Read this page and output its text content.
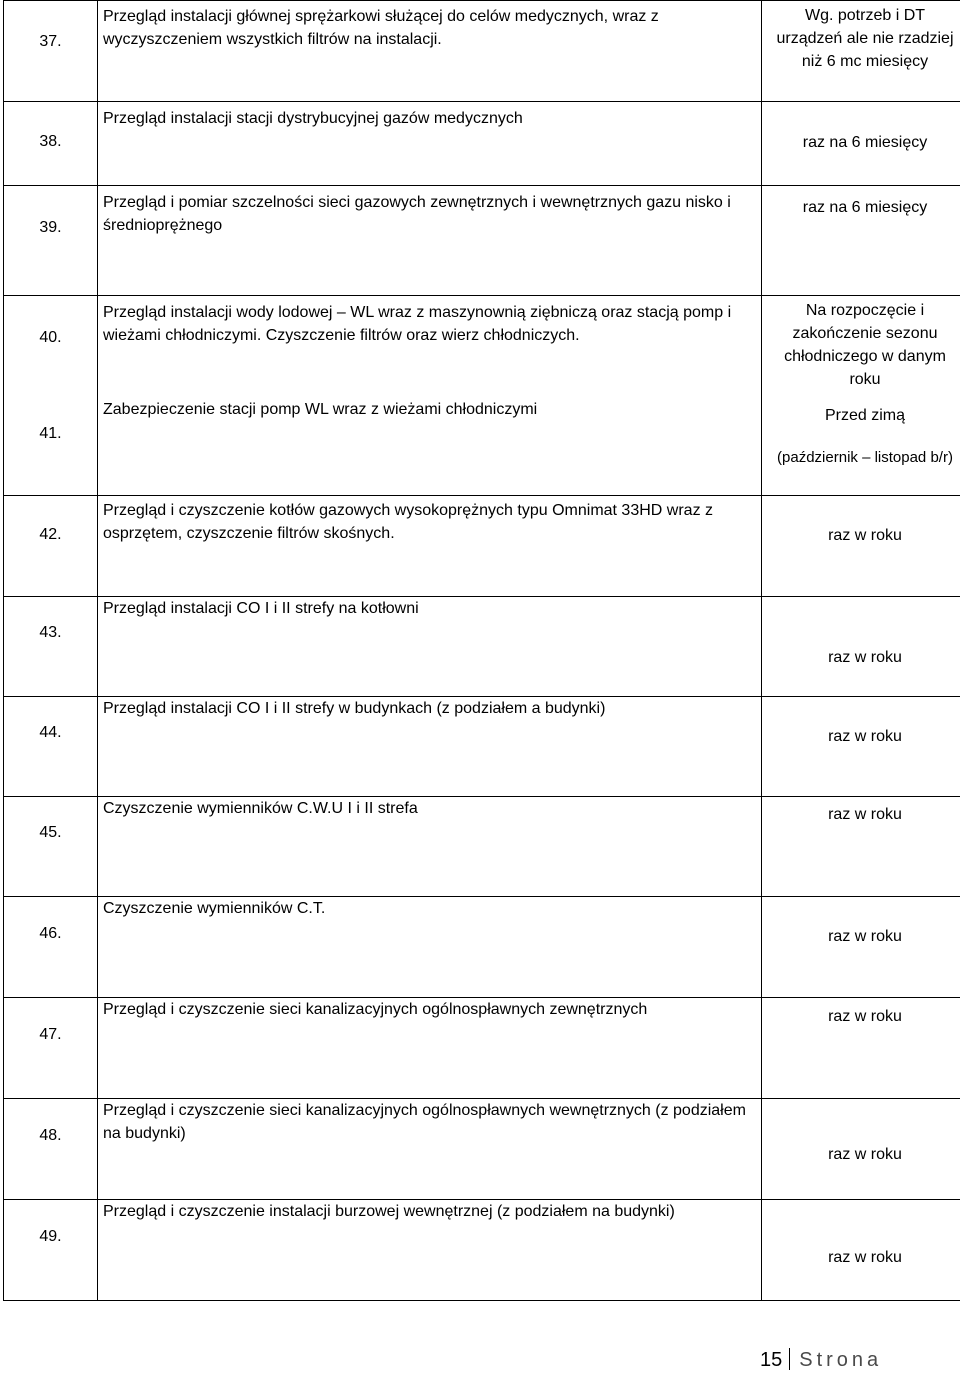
37.	Przegląd instalacji głównej sprężarkowi służącej do celów medycznych, wraz z wyczyszczeniem wszystkich filtrów na instalacji.	Wg. potrzeb i DT urządzeń ale nie rzadziej niż 6 mc miesięcy

38.	Przegląd instalacji stacji dystrybucyjnej gazów medycznych	raz na 6 miesięcy

39.	Przegląd i pomiar szczelności sieci gazowych zewnętrznych i wewnętrznych gazu nisko i średnioprężnego	raz na 6 miesięcy

40.	Przegląd instalacji wody lodowej – WL wraz z maszynownią ziębniczą oraz stacją pomp i wieżami chłodniczymi. Czyszczenie filtrów oraz wierz chłodniczych.	Na rozpoczęcie i zakończenie sezonu chłodniczego w danym roku

41.	Zabezpieczenie stacji pomp WL wraz z wieżami chłodniczymi	Przed zimą
(październik – listopad b/r)

42.	Przegląd i czyszczenie kotłów gazowych wysokoprężnych typu Omnimat 33HD wraz z osprzętem, czyszczenie filtrów skośnych.	raz w roku

43.	Przegląd instalacji CO I i II strefy na kotłowni	raz w roku

44.	Przegląd instalacji CO I i II strefy w budynkach (z podziałem a budynki)	raz w roku

45.	Czyszczenie wymienników C.W.U I i II strefa	raz w roku

46.	Czyszczenie wymienników C.T.	raz w roku

47.	Przegląd i czyszczenie sieci kanalizacyjnych ogólnospławnych zewnętrznych	raz w roku

48.	Przegląd i czyszczenie sieci kanalizacyjnych ogólnospławnych wewnętrznych (z podziałem na budynki)	raz w roku

49.	Przegląd i czyszczenie instalacji burzowej wewnętrznej (z podziałem na budynki)	raz w roku
15 Strona
